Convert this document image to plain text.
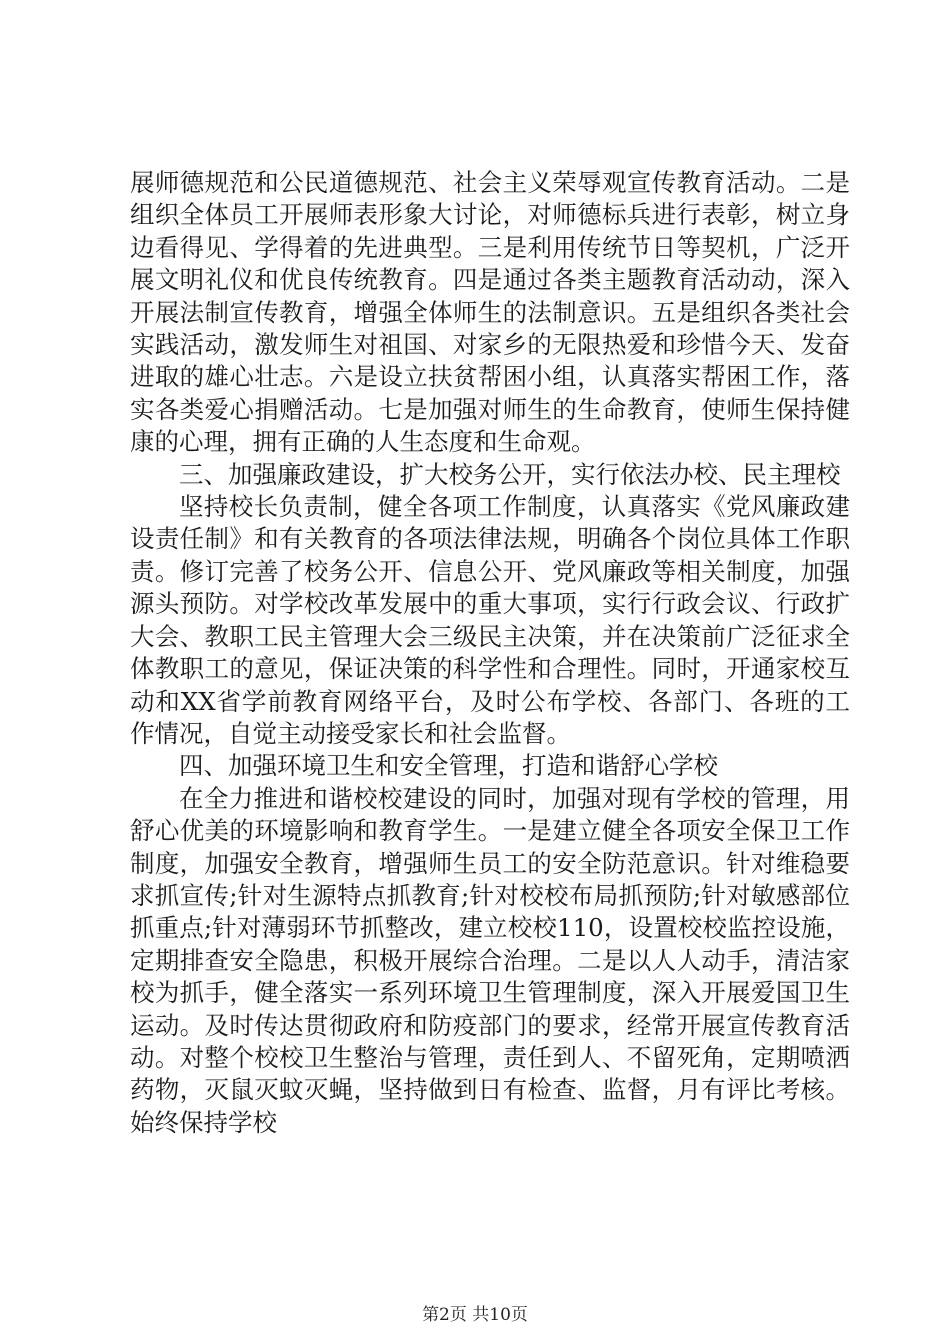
展师德规范和公民道德规范、社会主义荣辱观宣传教育活动。二是组织全体员工开展师表形象大讨论，对师德标兵进行表彰，树立身边看得见、学得着的先进典型。三是利用传统节日等契机，广泛开展文明礼仪和优良传统教育。四是通过各类主题教育活动动，深入开展法制宣传教育，增强全体师生的法制意识。五是组织各类社会实践活动，激发师生对祖国、对家乡的无限热爱和珍惜今天、发奋进取的雄心壮志。六是设立扶贫帮困小组，认真落实帮困工作，落实各类爱心捐赠活动。七是加强对师生的生命教育，使师生保持健康的心理，拥有正确的人生态度和生命观。

三、加强廉政建设，扩大校务公开，实行依法办校、民主理校

坚持校长负责制，健全各项工作制度，认真落实《党风廉政建设责任制》和有关教育的各项法律法规，明确各个岗位具体工作职责。修订完善了校务公开、信息公开、党风廉政等相关制度，加强源头预防。对学校改革发展中的重大事项，实行行政会议、行政扩大会、教职工民主管理大会三级民主决策，并在决策前广泛征求全体教职工的意见，保证决策的科学性和合理性。同时，开通家校互动和XX省学前教育网络平台，及时公布学校、各部门、各班的工作情况，自觉主动接受家长和社会监督。

四、加强环境卫生和安全管理，打造和谐舒心学校

在全力推进和谐校校建设的同时，加强对现有学校的管理，用舒心优美的环境影响和教育学生。一是建立健全各项安全保卫工作制度，加强安全教育，增强师生员工的安全防范意识。针对维稳要求抓宣传;针对生源特点抓教育;针对校校布局抓预防;针对敏感部位抓重点;针对薄弱环节抓整改，建立校校110，设置校校监控设施，定期排查安全隐患，积极开展综合治理。二是以人人动手，清洁家校为抓手，健全落实一系列环境卫生管理制度，深入开展爱国卫生运动。及时传达贯彻政府和防疫部门的要求，经常开展宣传教育活动。对整个校校卫生整治与管理，责任到人、不留死角，定期喷洒药物，灭鼠灭蚊灭蝇，坚持做到日有检查、监督，月有评比考核。始终保持学校

第2页 共10页
